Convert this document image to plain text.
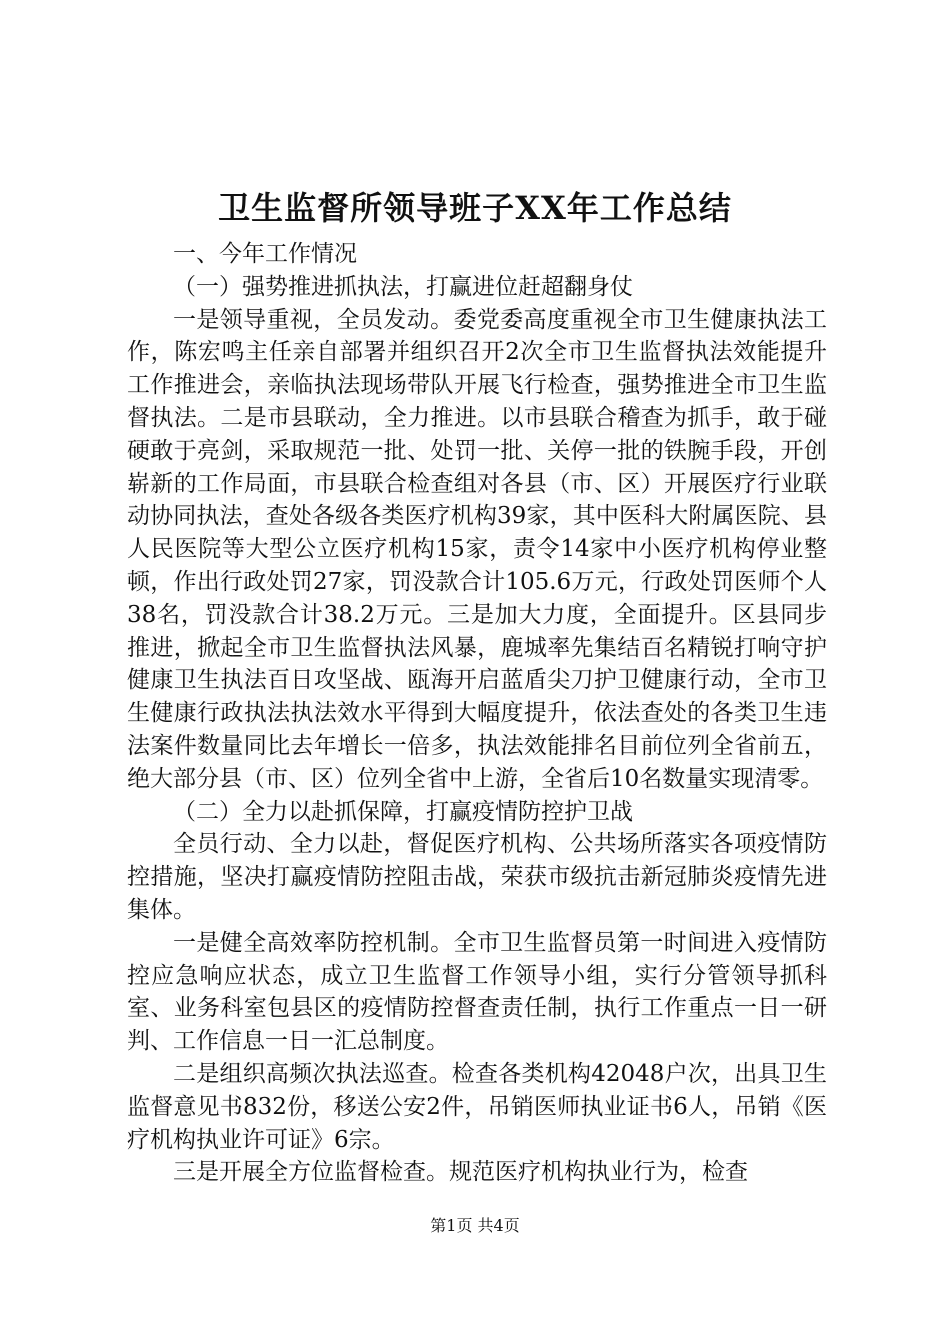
卫生监督所领导班子XX年工作总结

一、今年工作情况

（一）强势推进抓执法，打赢进位赶超翻身仗

一是领导重视，全员发动。委党委高度重视全市卫生健康执法工作，陈宏鸣主任亲自部署并组织召开2次全市卫生监督执法效能提升工作推进会，亲临执法现场带队开展飞行检查，强势推进全市卫生监督执法。二是市县联动，全力推进。以市县联合稽查为抓手，敢于碰硬敢于亮剑，采取规范一批、处罚一批、关停一批的铁腕手段，开创崭新的工作局面，市县联合检查组对各县（市、区）开展医疗行业联动协同执法，查处各级各类医疗机构39家，其中医科大附属医院、县人民医院等大型公立医疗机构15家，责令14家中小医疗机构停业整顿，作出行政处罚27家，罚没款合计105.6万元，行政处罚医师个人38名，罚没款合计38.2万元。三是加大力度，全面提升。区县同步推进，掀起全市卫生监督执法风暴，鹿城率先集结百名精锐打响守护健康卫生执法百日攻坚战、瓯海开启蓝盾尖刀护卫健康行动，全市卫生健康行政执法执法效水平得到大幅度提升，依法查处的各类卫生违法案件数量同比去年增长一倍多，执法效能排名目前位列全省前五，绝大部分县（市、区）位列全省中上游，全省后10名数量实现清零。

（二）全力以赴抓保障，打赢疫情防控护卫战

全员行动、全力以赴，督促医疗机构、公共场所落实各项疫情防控措施，坚决打赢疫情防控阻击战，荣获市级抗击新冠肺炎疫情先进集体。

一是健全高效率防控机制。全市卫生监督员第一时间进入疫情防控应急响应状态，成立卫生监督工作领导小组，实行分管领导抓科室、业务科室包县区的疫情防控督查责任制，执行工作重点一日一研判、工作信息一日一汇总制度。

二是组织高频次执法巡查。检查各类机构42048户次，出具卫生监督意见书832份，移送公安2件，吊销医师执业证书6人，吊销《医疗机构执业许可证》6宗。

三是开展全方位监督检查。规范医疗机构执业行为，检查

第1页 共4页
